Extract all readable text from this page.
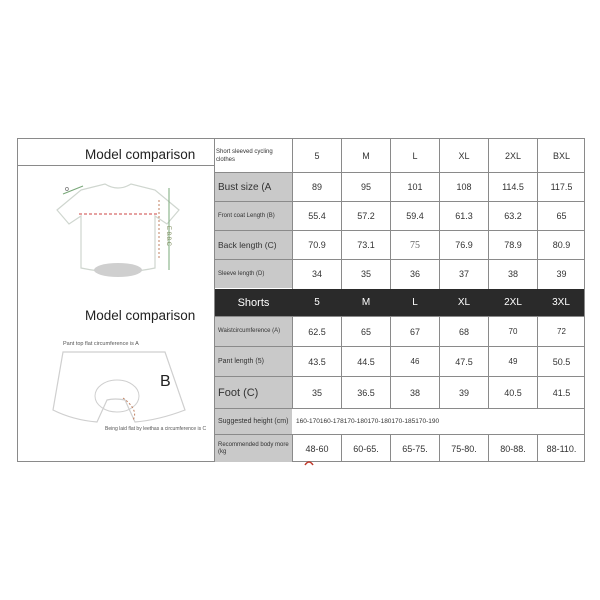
Model comparison
Model comparison
o
E 8.8.C
Pant top flat circumference is A
B
Being laid flat by leethas a circumference is C
Short sleeved cycling clothes	5	M	L	XL	2XL	BXL
Bust size (A	89	95	101	108	114.5	117.5
Front coat Length (B)	55.4	57.2	59.4	61.3	63.2	65
Back length (C)	70.9	73.1	75	76.9	78.9	80.9
Sleeve length (D)	34	35	36	37	38	39
Shorts	5	M	L	XL	2XL	3XL
Waistcircumference (A)	62.5	65	67	68	70	72
Pant length (5)	43.5	44.5	46	47.5	49	50.5
Foot (C)	35	36.5	38	39	40.5	41.5
Suggested height (cm)	160-170160-178170-180170-180170-185170-190
Recommended body more (kg	48-60	60-65.	65-75.	75-80.	80-88.	88-110.
